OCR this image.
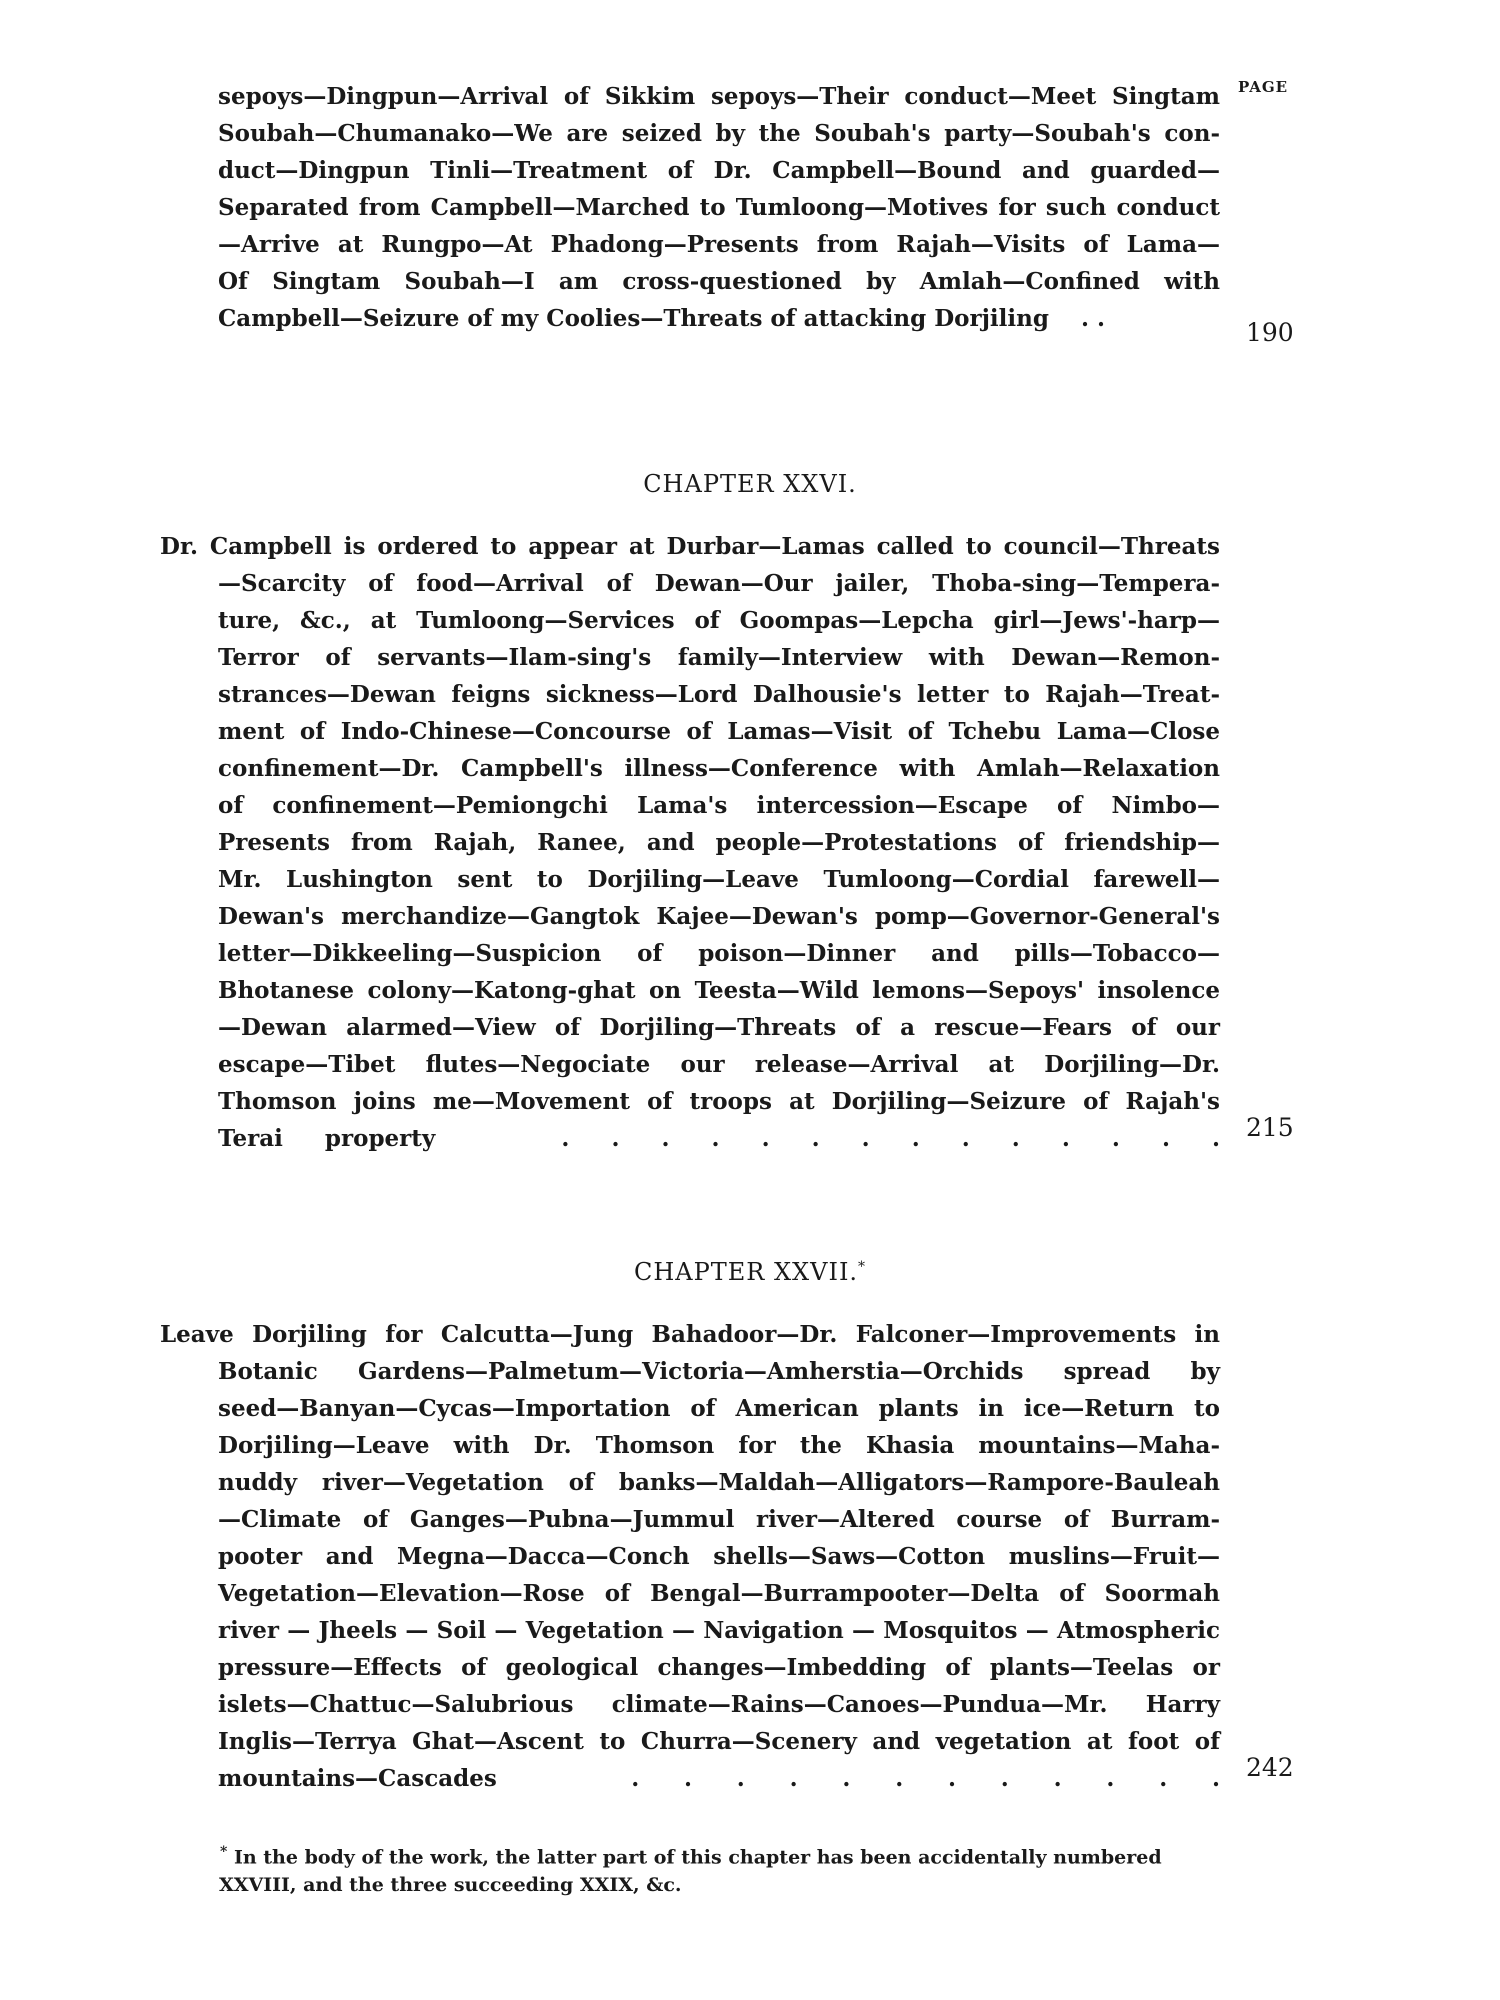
PAGE
sepoys—Dingpun—Arrival of Sikkim sepoys—Their conduct—Meet Singtam
Soubah—Chumanako—We are seized by the Soubah's party—Soubah's con-
duct—Dingpun Tinli—Treatment of Dr. Campbell—Bound and guarded—
Separated from Campbell—Marched to Tumloong—Motives for such conduct
—Arrive at Rungpo—At Phadong—Presents from Rajah—Visits of Lama—
Of Singtam Soubah—I am cross-questioned by Amlah—Confined with
Campbell—Seizure of my Coolies—Threats of attacking Dorjiling . .	190
CHAPTER XXVI.
Dr. Campbell is ordered to appear at Durbar—Lamas called to council—Threats
—Scarcity of food—Arrival of Dewan—Our jailer, Thoba-sing—Tempera-
ture, &c., at Tumloong—Services of Goompas—Lepcha girl—Jews'-harp—
Terror of servants—Ilam-sing's family—Interview with Dewan—Remon-
strances—Dewan feigns sickness—Lord Dalhousie's letter to Rajah—Treat-
ment of Indo-Chinese—Concourse of Lamas—Visit of Tchebu Lama—Close
confinement—Dr. Campbell's illness—Conference with Amlah—Relaxation
of confinement—Pemiongchi Lama's intercession—Escape of Nimbo—
Presents from Rajah, Ranee, and people—Protestations of friendship—
Mr. Lushington sent to Dorjiling—Leave Tumloong—Cordial farewell—
Dewan's merchandize—Gangtok Kajee—Dewan's pomp—Governor-General's
letter—Dikkeeling—Suspicion of poison—Dinner and pills—Tobacco—
Bhotanese colony—Katong-ghat on Teesta—Wild lemons—Sepoys' insolence
—Dewan alarmed—View of Dorjiling—Threats of a rescue—Fears of our
escape—Tibet flutes—Negociate our release—Arrival at Dorjiling—Dr.
Thomson joins me—Movement of troops at Dorjiling—Seizure of Rajah's
Terai property	. . . . . . . . . . . . . . 215
CHAPTER XXVII.*
Leave Dorjiling for Calcutta—Jung Bahadoor—Dr. Falconer—Improvements in
Botanic Gardens—Palmetum—Victoria—Amherstia—Orchids spread by
seed—Banyan—Cycas—Importation of American plants in ice—Return to
Dorjiling—Leave with Dr. Thomson for the Khasia mountains—Maha-
nuddy river—Vegetation of banks—Maldah—Alligators—Rampore-Bauleah
—Climate of Ganges—Pubna—Jummul river—Altered course of Burram-
pooter and Megna—Dacca—Conch shells—Saws—Cotton muslins—Fruit—
Vegetation—Elevation—Rose of Bengal—Burrampooter—Delta of Soormah
river — Jheels — Soil — Vegetation — Navigation — Mosquitos — Atmospheric
pressure—Effects of geological changes—Imbedding of plants—Teelas or
islets—Chattuc—Salubrious climate—Rains—Canoes—Pundua—Mr. Harry
Inglis—Terrya Ghat—Ascent to Churra—Scenery and vegetation at foot of
mountains—Cascades	. . . . . . . . . . . . 242
* In the body of the work, the latter part of this chapter has been accidentally numbered
XXVIII, and the three succeeding XXIX, &c.
